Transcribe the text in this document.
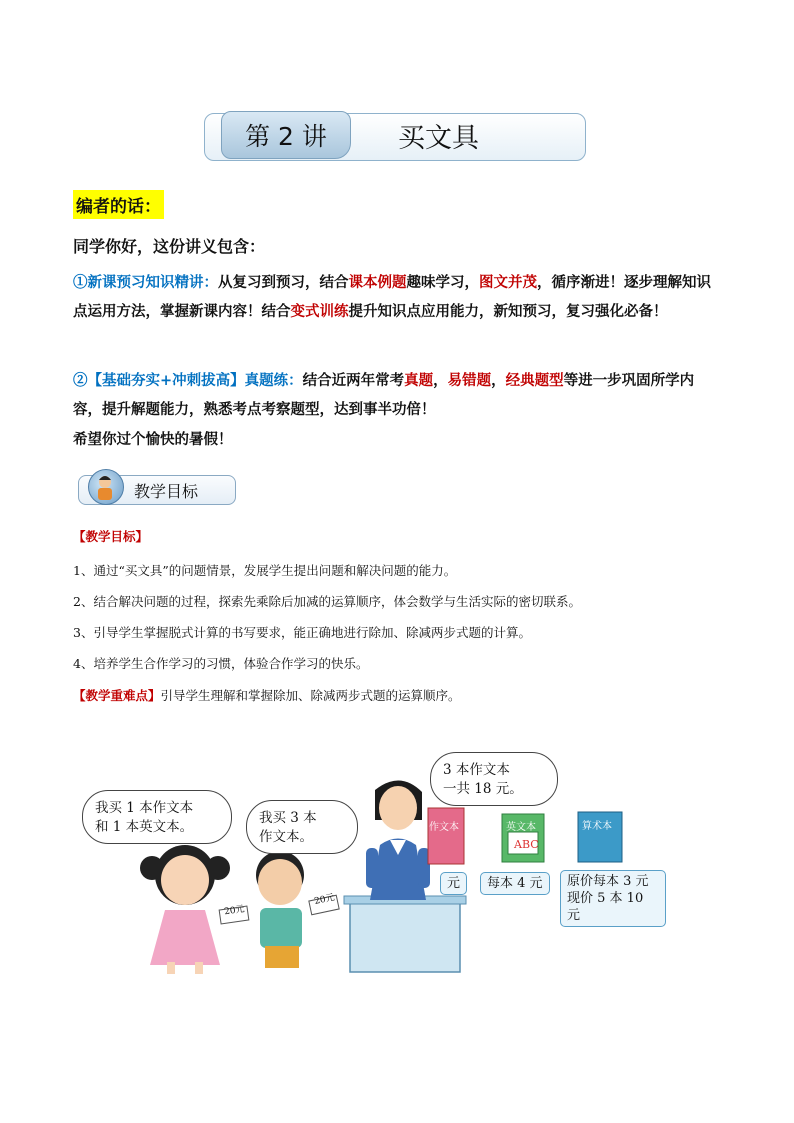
第 2 讲	买文具
编者的话：
同学你好，这份讲义包含：
①新课预习知识精讲：从复习到预习，结合课本例题趣味学习，图文并茂，循序渐进！逐步理解知识点运用方法，掌握新课内容！结合变式训练提升知识点应用能力，新知预习，复习强化必备！
②【基础夯实+冲刺拔高】真题练：结合近两年常考真题，易错题，经典题型等进一步巩固所学内容，提升解题能力，熟悉考点考察题型，达到事半功倍！
希望你过个愉快的暑假！
教学目标
【教学目标】
1、通过“买文具”的问题情景，发展学生提出问题和解决问题的能力。
2、结合解决问题的过程，探索先乘除后加减的运算顺序，体会数学与生活实际的密切联系。
3、引导学生掌握脱式计算的书写要求，能正确地进行除加、除减两步式题的计算。
4、培养学生合作学习的习惯，体验合作学习的快乐。
【教学重难点】引导学生理解和掌握除加、除减两步式题的运算顺序。
我买 1 本作文本
和 1 本英文本。
我买 3 本
作文本。
3 本作文本
一共 18 元。
20元
20元
作文本	英文本
ABC
算术本
元	每本 4 元	原价每本 3 元
现价 5 本 10 元
